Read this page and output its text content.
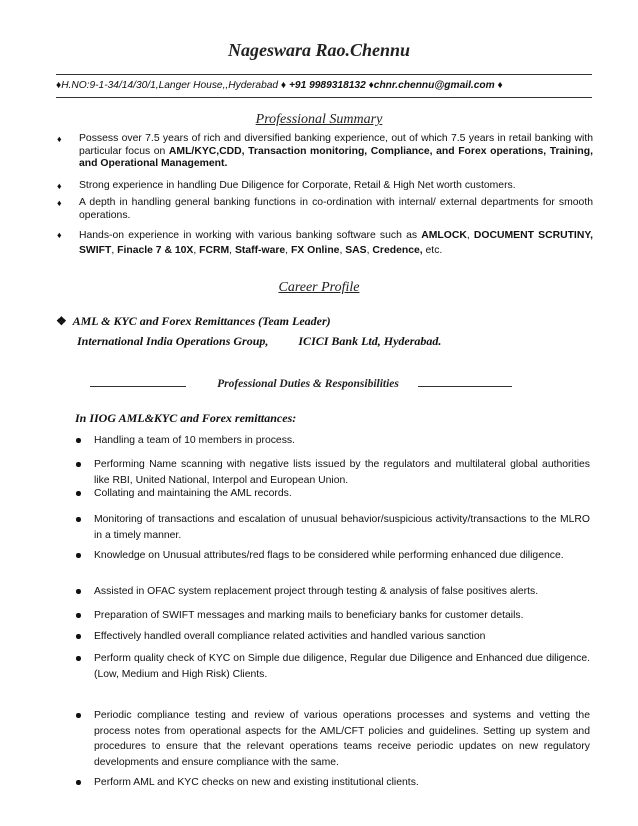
Nageswara Rao.Chennu
♦H.NO:9-1-34/14/30/1,Langer House,,Hyderabad ♦ +91 9989318132 ♦chnr.chennu@gmail.com ♦
Professional Summary
♦ Possess over 7.5 years of rich and diversified banking experience, out of which 7.5 years in retail banking with particular focus on AML/KYC,CDD, Transaction monitoring, Compliance, and Forex operations, Training, and Operational Management.
♦ Strong experience in handling Due Diligence for Corporate, Retail & High Net worth customers.
♦ A depth in handling general banking functions in co-ordination with internal/ external departments for smooth operations.
♦ Hands-on experience in working with various banking software such as AMLOCK, DOCUMENT SCRUTINY, SWIFT, Finacle 7 & 10X, FCRM, Staff-ware, FX Online, SAS, Credence, etc.
Career Profile
❖ AML & KYC and Forex Remittances (Team Leader)
International India Operations Group,	ICICI Bank Ltd, Hyderabad.
Professional Duties & Responsibilities
In IIOG AML&KYC and Forex remittances:
Handling a team of 10 members in process.
Performing Name scanning with negative lists issued by the regulators and multilateral global authorities like RBI, United National, Interpol and European Union.
Collating and maintaining the AML records.
Monitoring of transactions and escalation of unusual behavior/suspicious activity/transactions to the MLRO in a timely manner.
Knowledge on Unusual attributes/red flags to be considered while performing enhanced due diligence.
Assisted in OFAC system replacement project through testing & analysis of false positives alerts.
Preparation of SWIFT messages and marking mails to beneficiary banks for customer details.
Effectively handled overall compliance related activities and handled various sanction
Perform quality check of KYC on Simple due diligence, Regular due Diligence and Enhanced due diligence. (Low, Medium and High Risk) Clients.
Periodic compliance testing and review of various operations processes and systems and vetting the process notes from operational aspects for the AML/CFT policies and guidelines. Setting up system and procedures to ensure that the relevant operations teams receive periodic updates on new regulatory developments and ensure compliance with the same.
Perform AML and KYC checks on new and existing institutional clients.
